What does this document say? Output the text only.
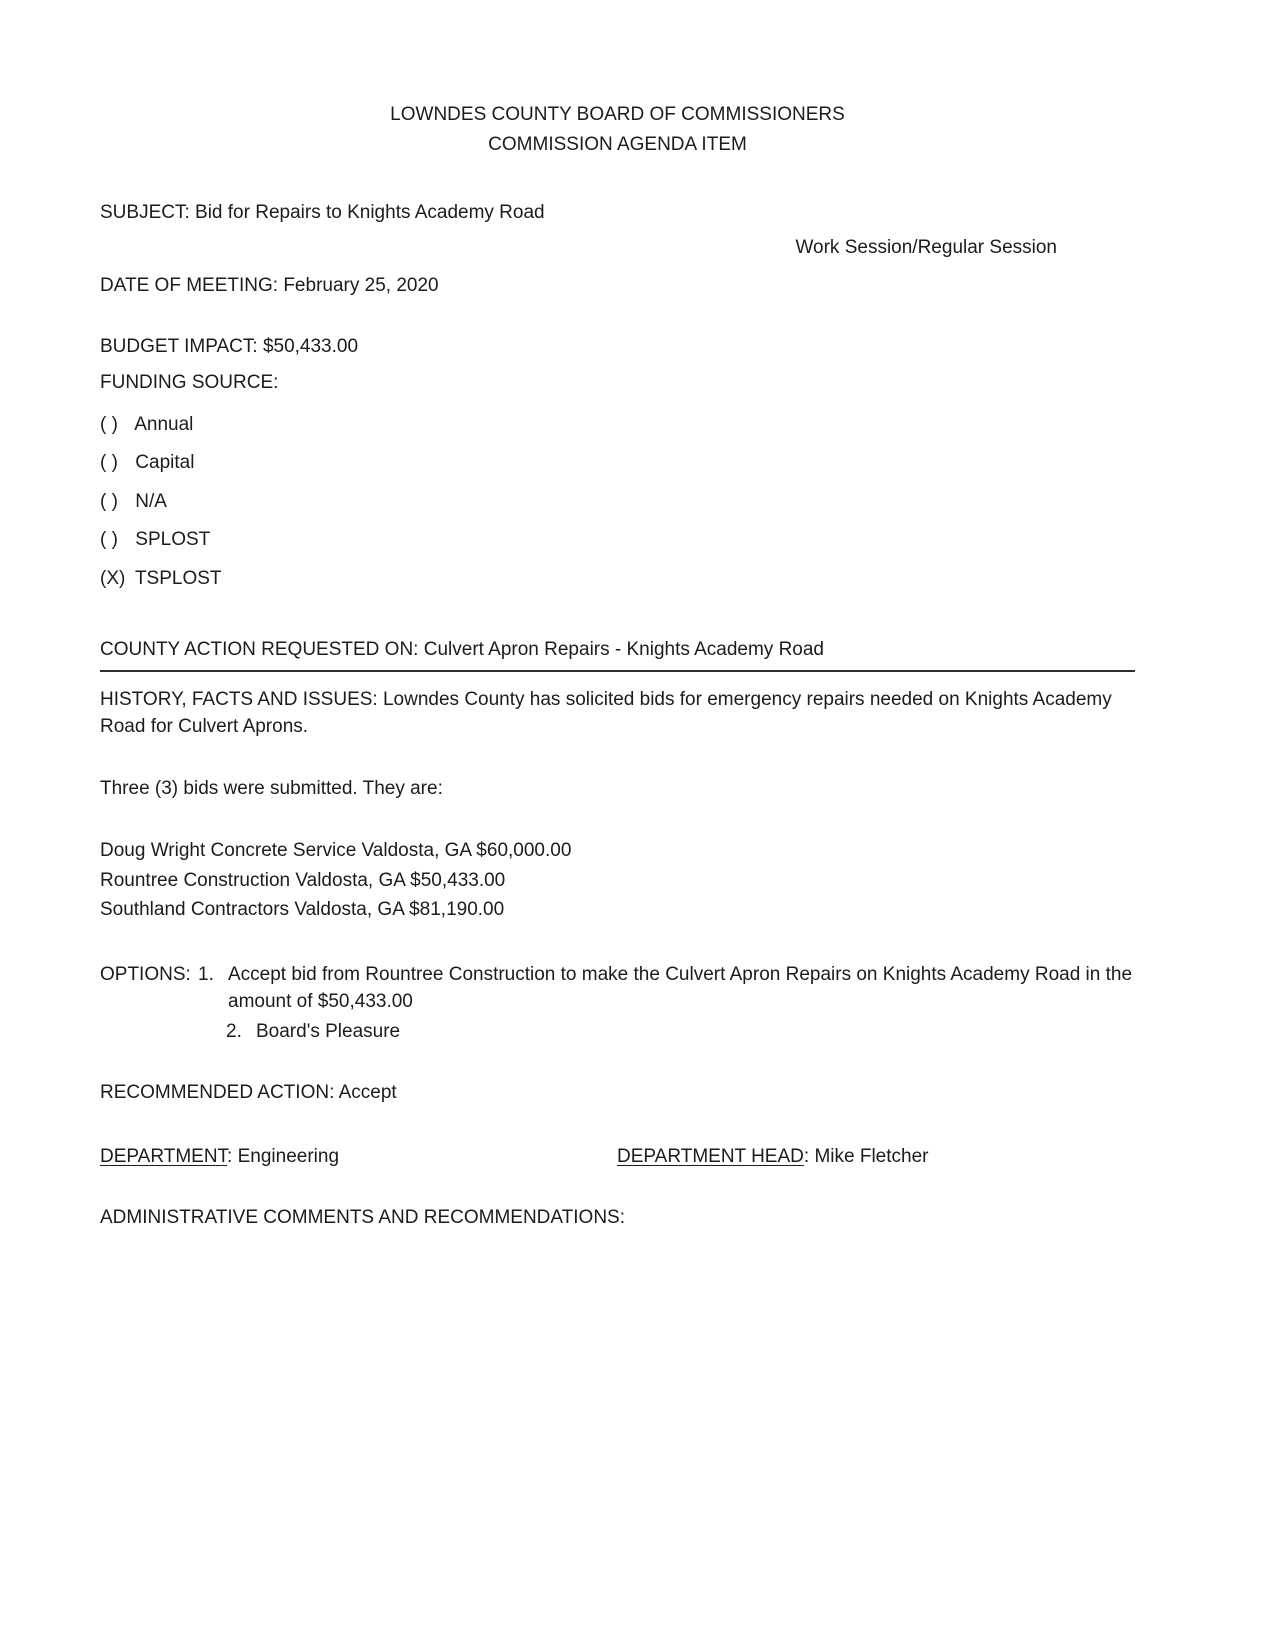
LOWNDES COUNTY BOARD OF COMMISSIONERS
COMMISSION AGENDA ITEM

SUBJECT: Bid for Repairs to Knights Academy Road

Work Session/Regular Session

DATE OF MEETING: February 25, 2020

BUDGET IMPACT: $50,433.00

FUNDING SOURCE:

( ) Annual
( ) Capital
( ) N/A
( ) SPLOST
(X) TSPLOST

COUNTY ACTION REQUESTED ON: Culvert Apron Repairs - Knights Academy Road

HISTORY, FACTS AND ISSUES: Lowndes County has solicited bids for emergency repairs needed on Knights Academy Road for Culvert Aprons.

Three (3) bids were submitted. They are:

Doug Wright Concrete Service Valdosta, GA $60,000.00
Rountree Construction Valdosta, GA $50,433.00
Southland Contractors Valdosta, GA $81,190.00
OPTIONS: 1. Accept bid from Rountree Construction to make the Culvert Apron Repairs on Knights Academy Road in the amount of $50,433.00
2. Board's Pleasure

RECOMMENDED ACTION: Accept

DEPARTMENT: Engineering	DEPARTMENT HEAD: Mike Fletcher

ADMINISTRATIVE COMMENTS AND RECOMMENDATIONS:
